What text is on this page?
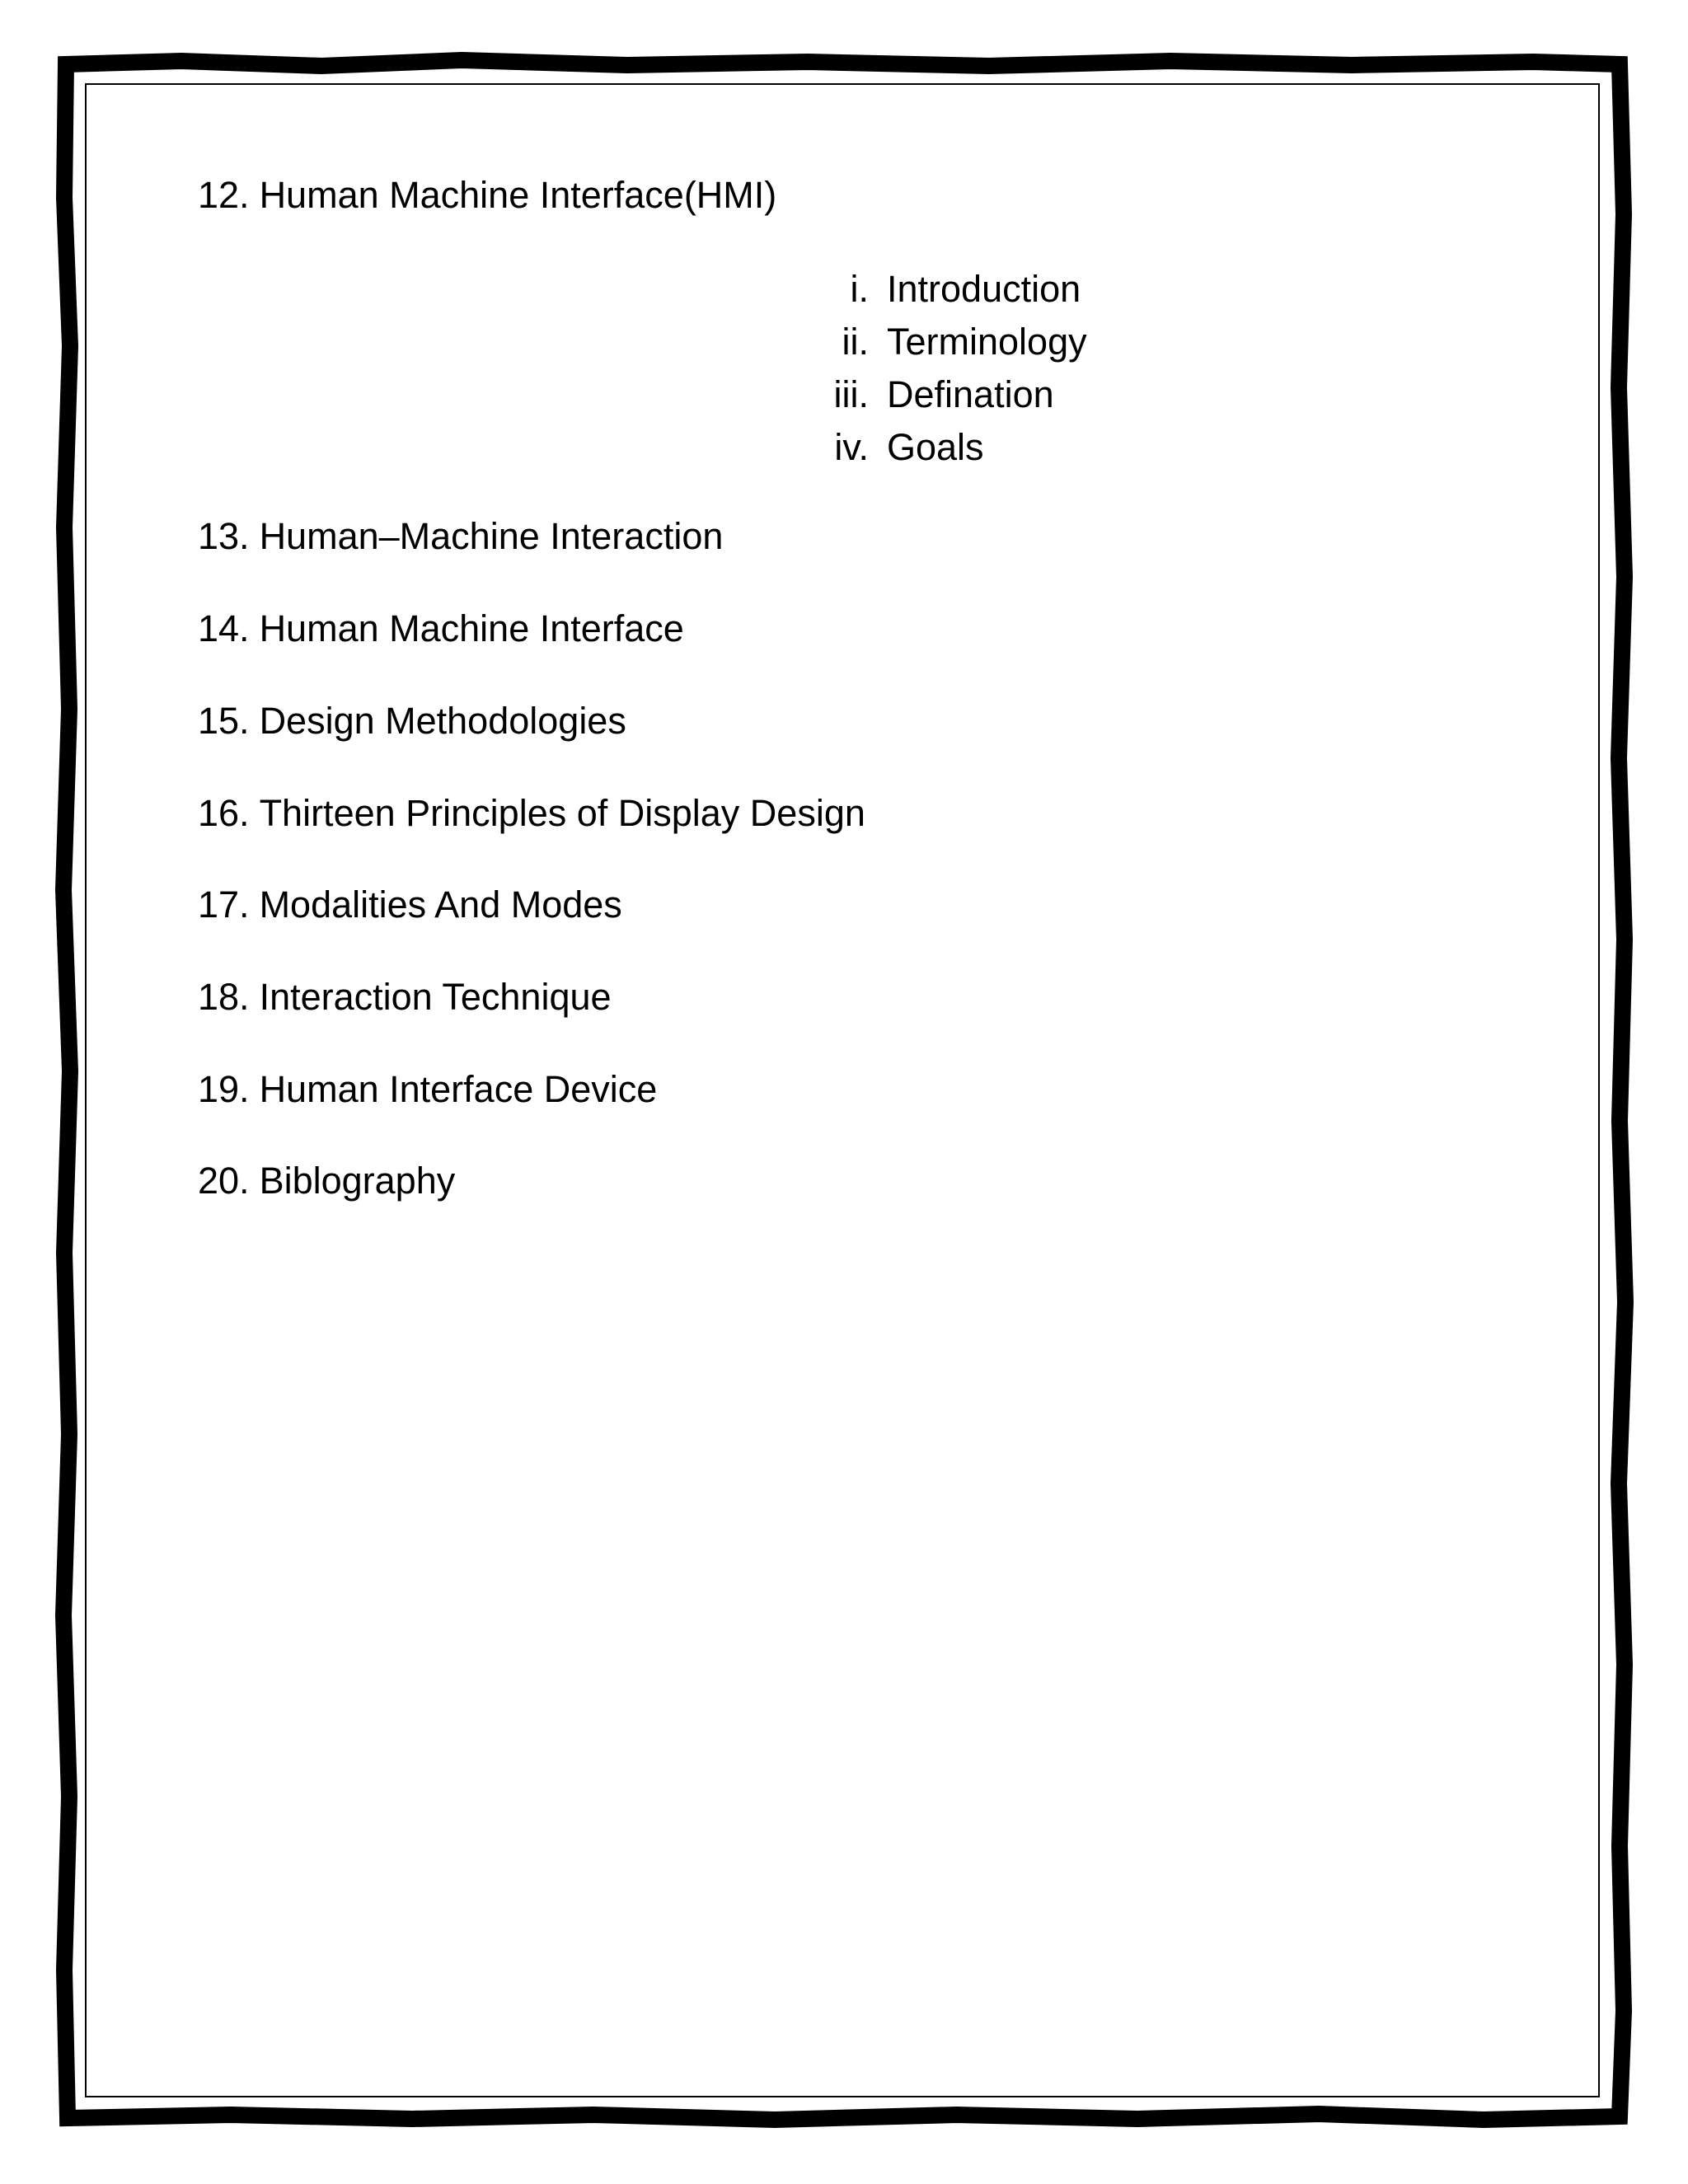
12. Human Machine Interface(HMI)
i. Introduction
ii. Terminology
iii. Defination
iv. Goals
13. Human–Machine Interaction
14. Human Machine Interface
15. Design Methodologies
16. Thirteen Principles of Display Design
17. Modalities And Modes
18. Interaction Technique
19. Human Interface Device
20. Biblography
